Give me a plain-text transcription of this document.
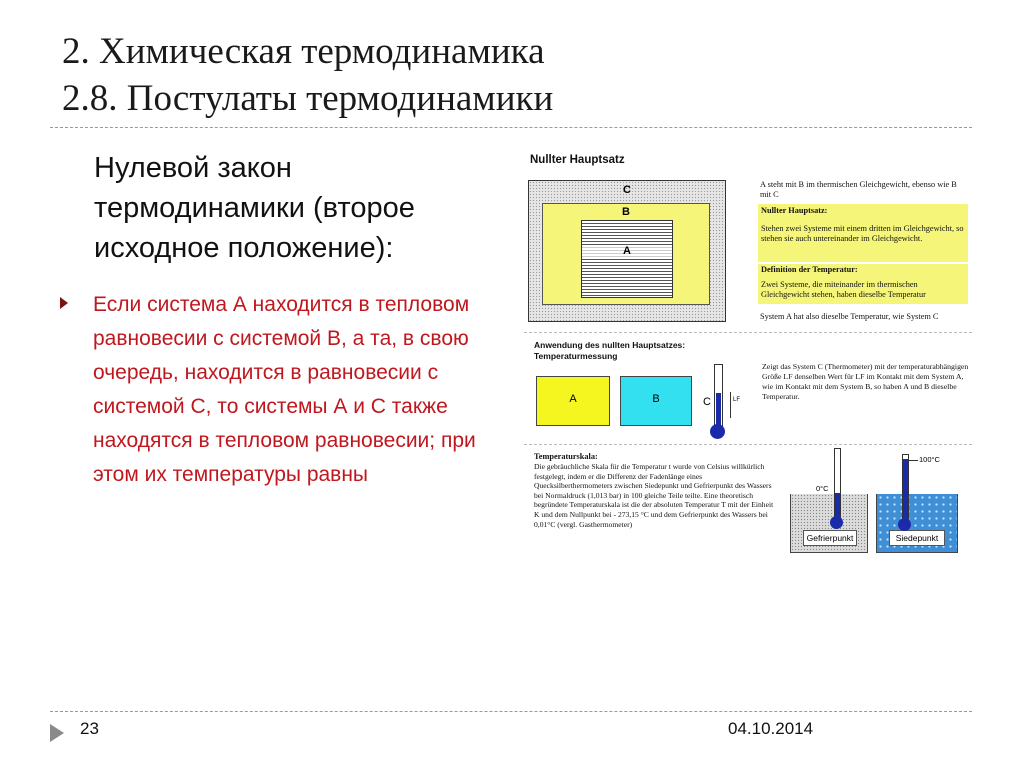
2. Химическая термодинамика
2.8. Постулаты термодинамики
Нулевой закон термодинамики (второе исходное положение):
Если система А находится в тепловом равновесии с системой В, а та, в свою очередь, находится в равновесии с системой С, то системы А и С также находятся в тепловом равновесии; при этом их температуры равны
Nullter Hauptsatz
C
B
A
A steht mit B im thermischen Gleichgewicht, ebenso wie B mit C
Nullter Hauptsatz:
Stehen zwei Systeme mit einem dritten im Gleichgewicht, so stehen sie auch untereinander im Gleichgewicht.
Definition der Temperatur:
Zwei Systeme, die miteinander im thermischen Gleichgewicht stehen, haben dieselbe Temperatur
System A hat also dieselbe Temperatur, wie System C
Anwendung des nullten Hauptsatzes: Temperaturmessung
A	B	C	LF
Zeigt das System C (Thermometer) mit der temperaturabhängigen Größe LF denselben Wert für LF im Kontakt mit dem System A, wie im Kontakt mit dem System B, so haben A und B dieselbe Temperatur.
Temperaturskala:
Die gebräuchliche Skala für die Temperatur t wurde von Celsius willkürlich festgelegt, indem er die Differenz der Fadenlänge eines Quecksilberthermometers zwischen Siedepunkt und Gefrierpunkt des Wassers bei Normaldruck (1,013 bar) in 100 gleiche Teile teilte. Eine theoretisch begründete Temperaturskala ist die der absoluten Temperatur T mit der Einheit K und dem Nullpunkt bei - 273,15 °C und dem Gefrierpunkt des Wassers bei 0,01°C (vergl. Gasthermometer)
Gefrierpunkt
0°C
Siedepunkt
100°C
23	04.10.2014
